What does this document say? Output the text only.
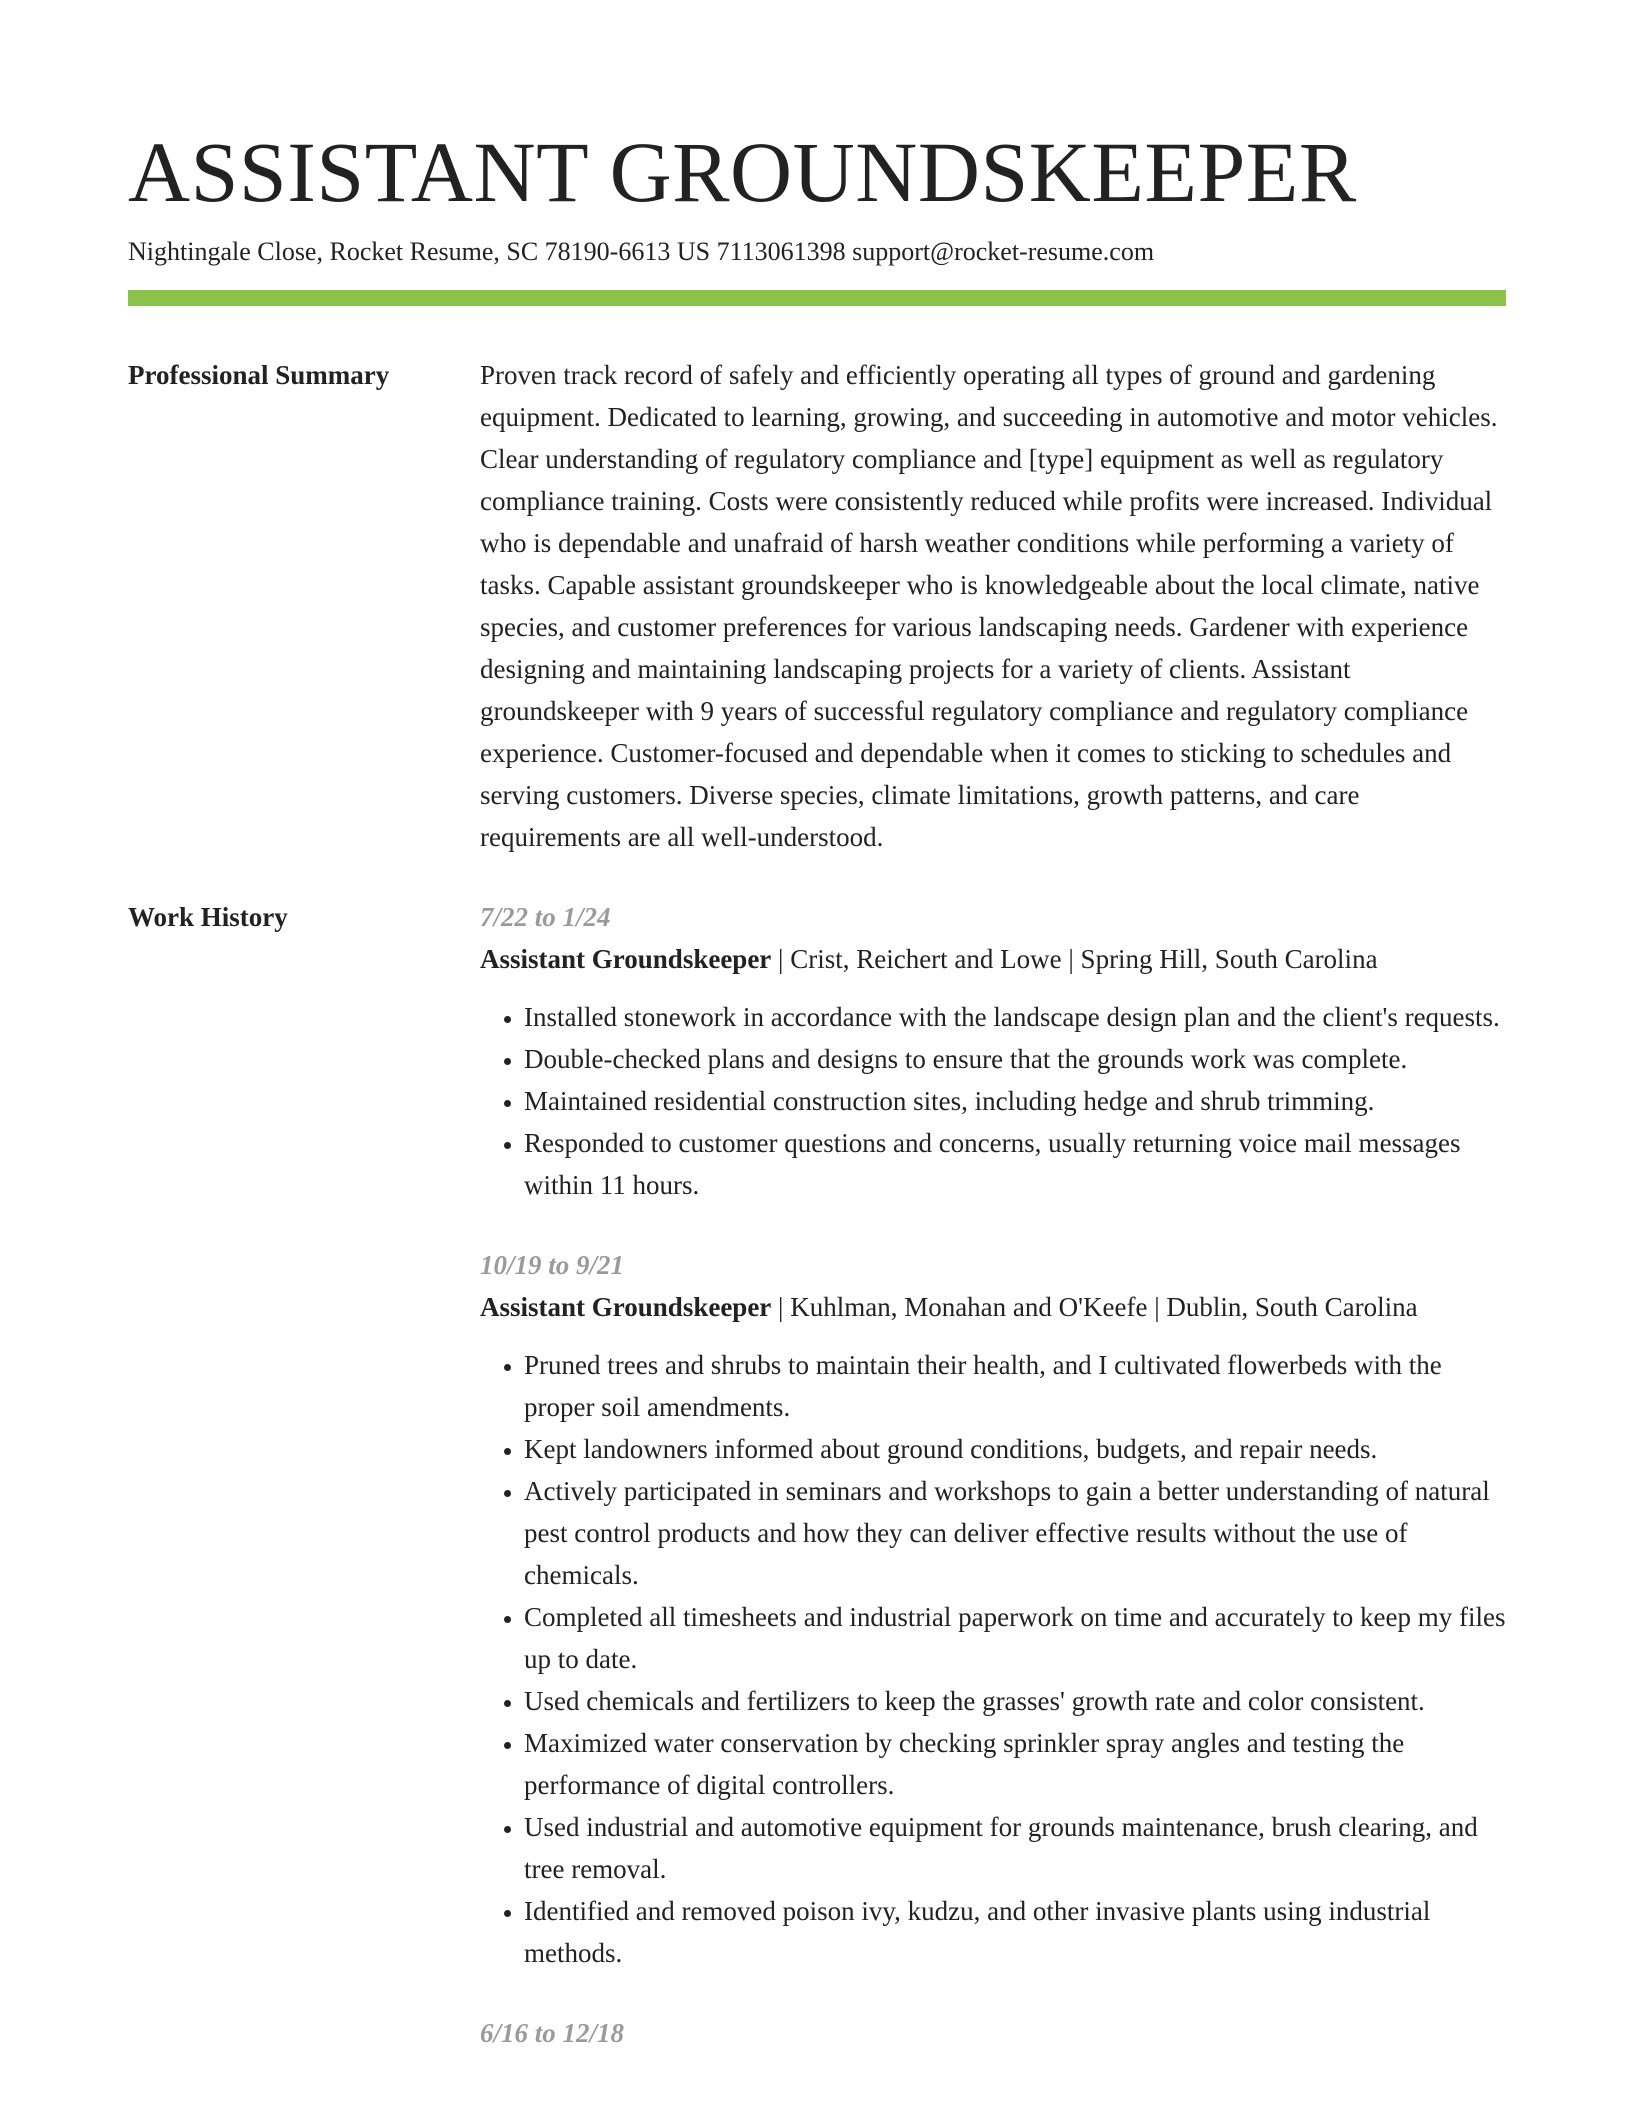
ASSISTANT GROUNDSKEEPER
Nightingale Close, Rocket Resume, SC 78190-6613 US 7113061398 support@rocket-resume.com
Professional Summary	Proven track record of safely and efficiently operating all types of ground and gardening equipment. Dedicated to learning, growing, and succeeding in automotive and motor vehicles. Clear understanding of regulatory compliance and [type] equipment as well as regulatory compliance training. Costs were consistently reduced while profits were increased. Individual who is dependable and unafraid of harsh weather conditions while performing a variety of tasks. Capable assistant groundskeeper who is knowledgeable about the local climate, native species, and customer preferences for various landscaping needs. Gardener with experience designing and maintaining landscaping projects for a variety of clients. Assistant groundskeeper with 9 years of successful regulatory compliance and regulatory compliance experience. Customer-focused and dependable when it comes to sticking to schedules and serving customers. Diverse species, climate limitations, growth patterns, and care requirements are all well-understood.

Work History	7/22 to 1/24
Assistant Groundskeeper | Crist, Reichert and Lowe | Spring Hill, South Carolina
• Installed stonework in accordance with the landscape design plan and the client's requests.
• Double-checked plans and designs to ensure that the grounds work was complete.
• Maintained residential construction sites, including hedge and shrub trimming.
• Responded to customer questions and concerns, usually returning voice mail messages within 11 hours.
10/19 to 9/21
Assistant Groundskeeper | Kuhlman, Monahan and O'Keefe | Dublin, South Carolina
• Pruned trees and shrubs to maintain their health, and I cultivated flowerbeds with the proper soil amendments.
• Kept landowners informed about ground conditions, budgets, and repair needs.
• Actively participated in seminars and workshops to gain a better understanding of natural pest control products and how they can deliver effective results without the use of chemicals.
• Completed all timesheets and industrial paperwork on time and accurately to keep my files up to date.
• Used chemicals and fertilizers to keep the grasses' growth rate and color consistent.
• Maximized water conservation by checking sprinkler spray angles and testing the performance of digital controllers.
• Used industrial and automotive equipment for grounds maintenance, brush clearing, and tree removal.
• Identified and removed poison ivy, kudzu, and other invasive plants using industrial methods.
6/16 to 12/18
